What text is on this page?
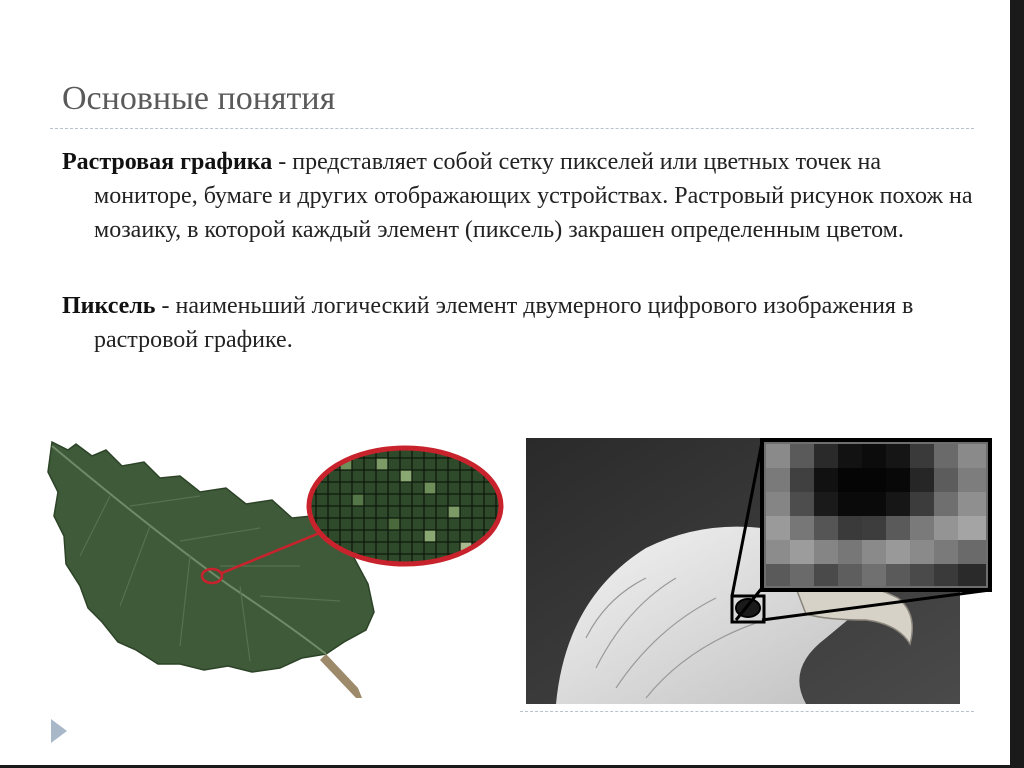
Основные понятия
Растровая графика - представляет собой сетку пикселей или цветных точек на мониторе, бумаге и других отображающих устройствах. Растровый рисунок похож на мозаику, в которой каждый элемент (пиксель) закрашен определенным цветом.
Пиксель - наименьший логический элемент двумерного цифрового изображения в растровой графике.
